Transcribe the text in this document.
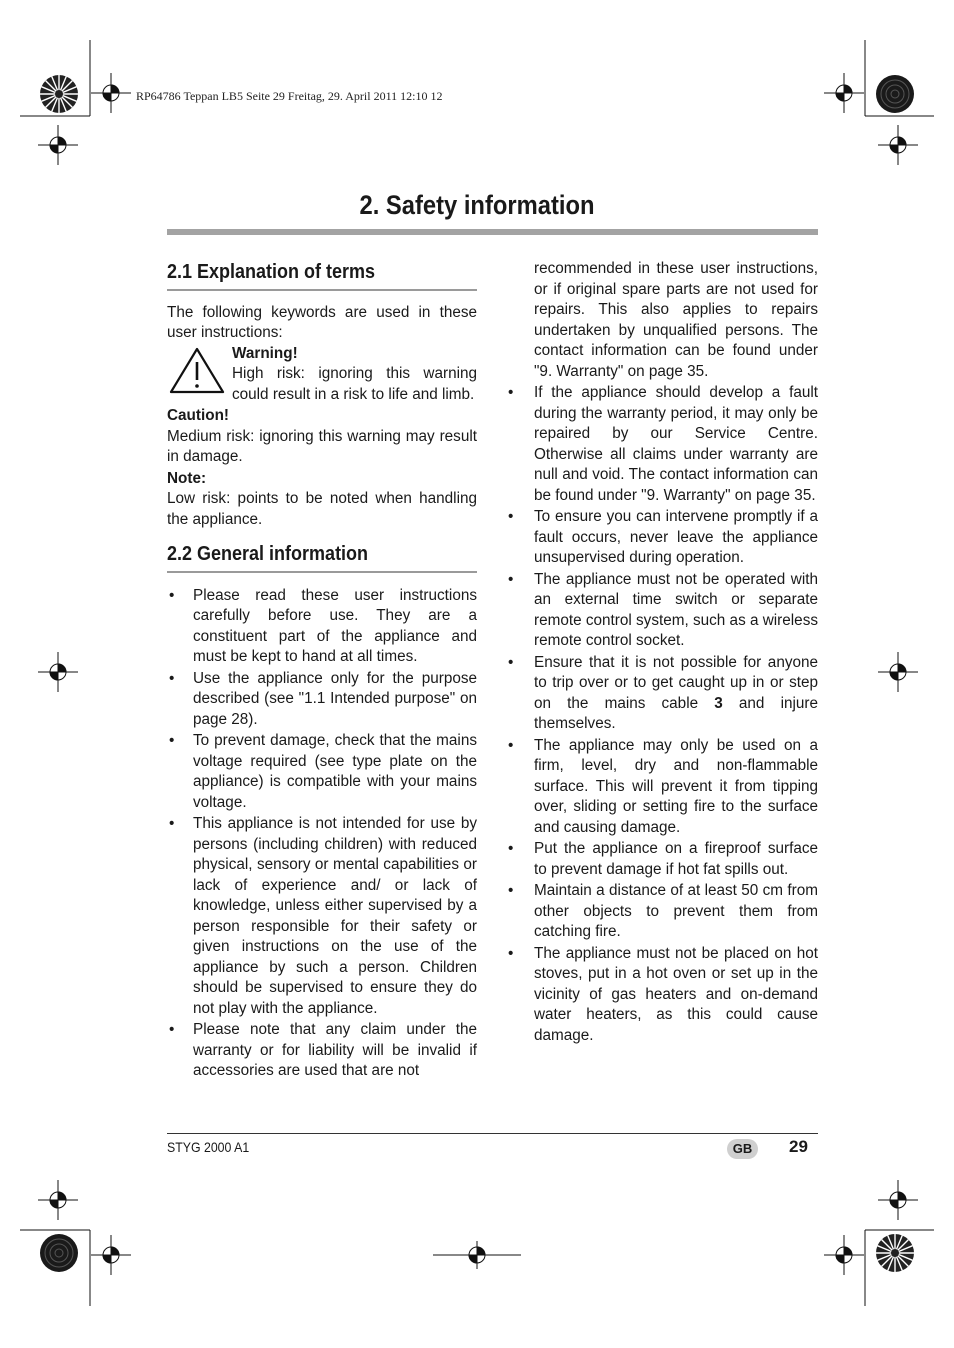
RP64786 Teppan LB5 Seite 29 Freitag, 29. April 2011 12:10 12
2. Safety information
2.1 Explanation of terms

The following keywords are used in these user instructions:

Warning!

High risk: ignoring this warning could result in a risk to life and limb.

Caution!

Medium risk: ignoring this warning may result in damage.

Note:

Low risk: points to be noted when handling the appliance.

2.2 General information
• Please read these user instructions carefully before use. They are a constituent part of the appliance and must be kept to hand at all times.
• Use the appliance only for the purpose described (see "1.1 Intended purpose" on page 28).
• To prevent damage, check that the mains voltage required (see type plate on the appliance) is compatible with your mains voltage.
• This appliance is not intended for use by persons (including children) with reduced physical, sensory or mental capabilities or lack of experience and/ or lack of knowledge, unless either supervised by a person responsible for their safety or given instructions on the use of the appliance by such a person. Children should be supervised to ensure they do not play with the appliance.
• Please note that any claim under the warranty or for liability will be invalid if accessories are used that are not

recommended in these user instructions, or if original spare parts are not used for repairs. This also applies to repairs undertaken by unqualified persons. The contact information can be found under "9. Warranty" on page 35.

• If the appliance should develop a fault during the warranty period, it may only be repaired by our Service Centre. Otherwise all claims under warranty are null and void. The contact information can be found under "9. Warranty" on page 35.
• To ensure you can intervene promptly if a fault occurs, never leave the appliance unsupervised during operation.
• The appliance must not be operated with an external time switch or separate remote control system, such as a wireless remote control socket.
• Ensure that it is not possible for anyone to trip over or to get caught up in or step on the mains cable 3 and injure themselves.
• The appliance may only be used on a firm, level, dry and non-flammable surface. This will prevent it from tipping over, sliding or setting fire to the surface and causing damage.
• Put the appliance on a fireproof surface to prevent damage if hot fat spills out.
• Maintain a distance of at least 50 cm from other objects to prevent them from catching fire.
• The appliance must not be placed on hot stoves, put in a hot oven or set up in the vicinity of gas heaters and on-demand water heaters, as this could cause damage.
STYG 2000 A1	GB	29
